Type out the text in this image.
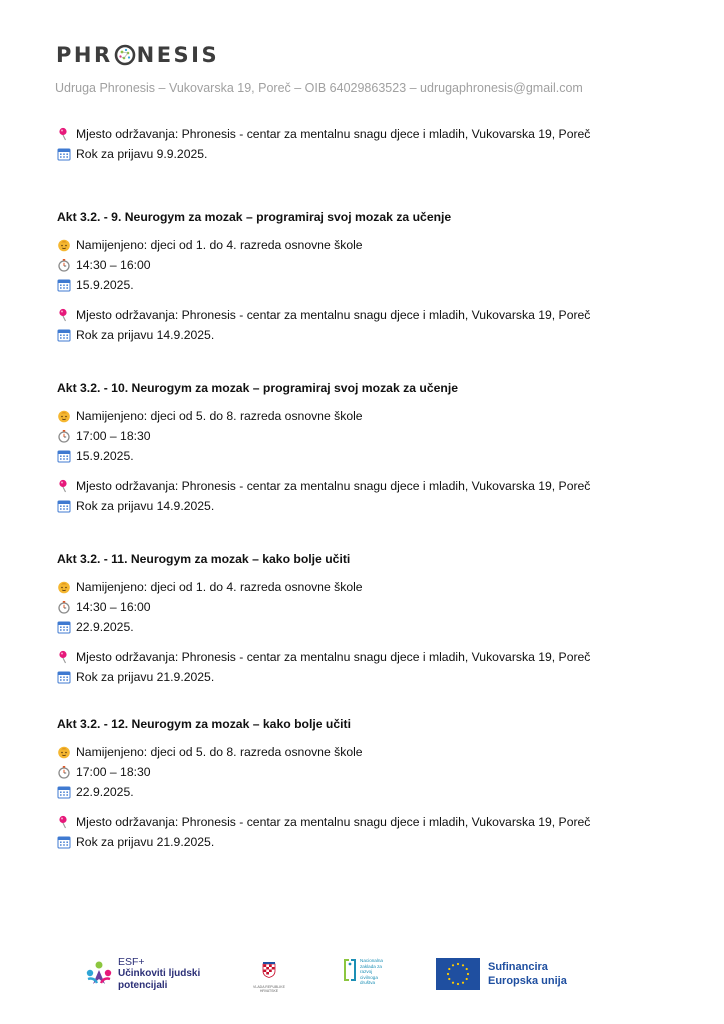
PHR NESIS
Udruga Phronesis – Vukovarska 19, Poreč – OIB 64029863523 – udrugaphronesis@gmail.com
Mjesto održavanja: Phronesis - centar za mentalnu snagu djece i mladih, Vukovarska 19, Poreč
Rok za prijavu 9.9.2025.
Akt 3.2. - 9. Neurogym za mozak – programiraj svoj mozak za učenje
Namijenjeno: djeci od 1. do 4. razreda osnovne škole
14:30 – 16:00
15.9.2025.
Mjesto održavanja: Phronesis - centar za mentalnu snagu djece i mladih, Vukovarska 19, Poreč
Rok za prijavu 14.9.2025.
Akt 3.2. - 10. Neurogym za mozak – programiraj svoj mozak za učenje
Namijenjeno: djeci od 5. do 8. razreda osnovne škole
17:00 – 18:30
15.9.2025.
Mjesto održavanja: Phronesis - centar za mentalnu snagu djece i mladih, Vukovarska 19, Poreč
Rok za prijavu 14.9.2025.
Akt 3.2. - 11. Neurogym za mozak – kako bolje učiti
Namijenjeno: djeci od 1. do 4. razreda osnovne škole
14:30 – 16:00
22.9.2025.
Mjesto održavanja: Phronesis - centar za mentalnu snagu djece i mladih, Vukovarska 19, Poreč
Rok za prijavu 21.9.2025.
Akt 3.2. - 12. Neurogym za mozak – kako bolje učiti
Namijenjeno: djeci od 5. do 8. razreda osnovne škole
17:00 – 18:30
22.9.2025.
Mjesto održavanja: Phronesis - centar za mentalnu snagu djece i mladih, Vukovarska 19, Poreč
Rok za prijavu 21.9.2025.
ESF+
Učinkoviti ljudski
potencijali	VLADA REPUBLIKE HRVATSKE
Nacionalna
zaklada za
razvoj
civilnoga
društva
Sufinancira
Europska unija
